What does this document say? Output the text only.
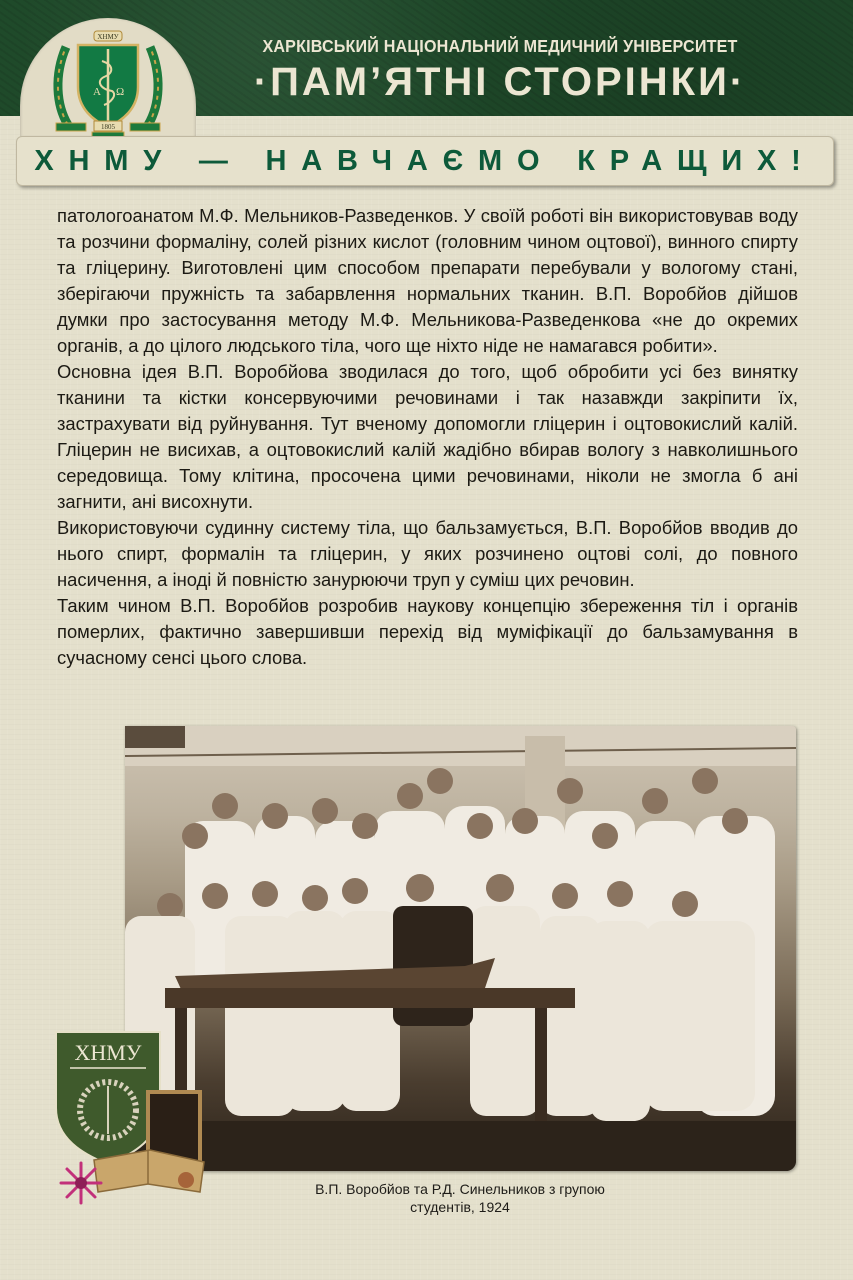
ХАРКІВСЬКИЙ НАЦІОНАЛЬНИЙ МЕДИЧНИЙ УНІВЕРСИТЕТ
·ПАМ’ЯТНІ СТОРІНКИ·
ХНМУ
Α Ω
1805
ХНМУ — НАВЧАЄМО КРАЩИХ!

патологоанатом М.Ф. Мельников-Разведенков. У своїй роботі він використовував воду та розчини формаліну, солей різних кислот (головним чином оцтової), винного спирту та гліцерину. Виготовлені цим способом препарати перебували у вологому стані, зберігаючи пружність та забарвлення нормальних тканин. В.П. Воробйов дійшов думки про застосування методу М.Ф. Мельникова-Разведенкова «не до окремих органів, а до цілого людського тіла, чого ще ніхто ніде не намагався робити».

Основна ідея В.П. Воробйова зводилася до того, щоб обробити усі без винятку тканини та кістки консервуючими речовинами і так назавжди закріпити їх, застрахувати від руйнування. Тут вченому допомогли гліцерин і оцтовокислий калій. Гліцерин не висихав, а оцтовокислий калій жадібно вбирав вологу з навколишнього середовища. Тому клітина, просочена цими речовинами, ніколи не змогла б ані загнити, ані висохнути.

Використовуючи судинну систему тіла, що бальзамується, В.П. Воробйов вводив до нього спирт, формалін та гліцерин, у яких розчинено оцтові солі, до повного насичення, а іноді й повністю занурюючи труп у суміш цих речовин.

Таким чином В.П. Воробйов розробив наукову концепцію збереження тіл і органів померлих, фактично завершивши перехід від муміфікації до бальзамування в сучасному сенсі цього слова.

В.П. Воробйов та Р.Д. Синельников з групою
студентів, 1924
ХНМУ
